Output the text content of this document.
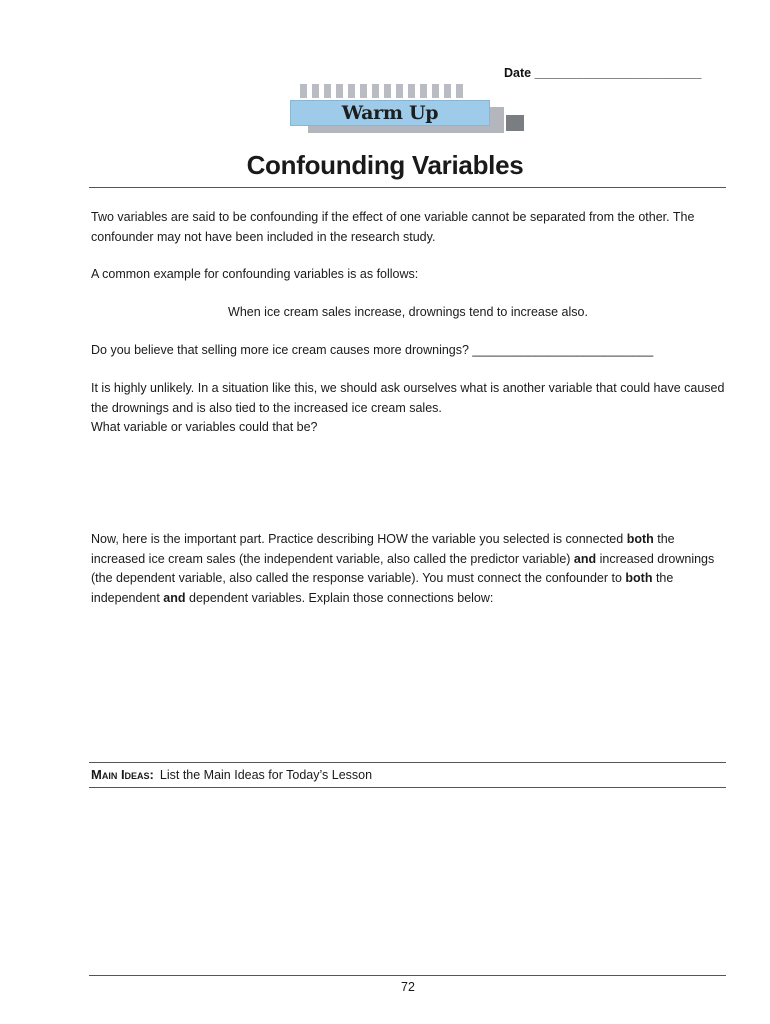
Date ________________________
Warm Up
Confounding Variables
Two variables are said to be confounding if the effect of one variable cannot be separated from the other. The confounder may not have been included in the research study.
A common example for confounding variables is as follows:
When ice cream sales increase, drownings tend to increase also.
Do you believe that selling more ice cream causes more drownings? __________________________
It is highly unlikely. In a situation like this, we should ask ourselves what is another variable that could have caused the drownings and is also tied to the increased ice cream sales.
What variable or variables could that be?
Now, here is the important part. Practice describing HOW the variable you selected is connected both the increased ice cream sales (the independent variable, also called the predictor variable) and increased drownings (the dependent variable, also called the response variable). You must connect the confounder to both the independent and dependent variables. Explain those connections below:
Main Ideas: List the Main Ideas for Today’s Lesson
72
